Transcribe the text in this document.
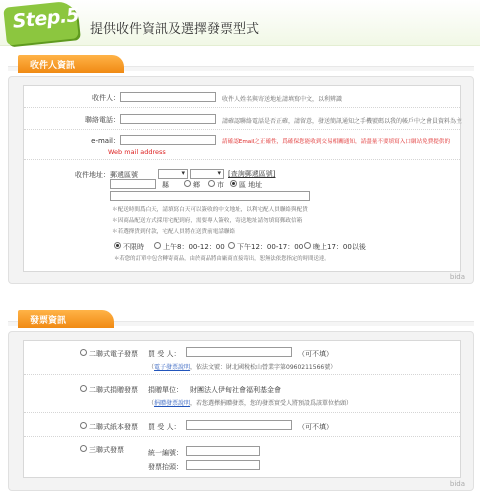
Step.5 提供收件資訊及選擇發票型式
收件人資訊
收件人：	收件人姓名與寄送地址請填寫中文，以利辨識
聯絡電話：	請確認聯絡電話是否正確，請留意，發送簡訊通知之手機號碼以我的帳戶中之會員資料為主
e-mail：	請確認Email之正確性，爲確保您能收到交易相關通知，請盡量不要填寫入口網站免費提供的
Web mail address
收件地址： 郵遞區號 ▾ ▾	[查詢郵遞區號]
縣	鄉 市 區 地址
＊配送時間爲白天，請填寫白天可以簽收的中文地址，以利宅配人員聯絡與配貨
＊因商品配送方式採用宅配到府，需要專人簽收，寄送地址請勿填寫郵政信箱
＊若選擇貨到付款，宅配人員將在送貨前電話聯絡
不限時	上午8：00-12：00 下午12：00-17：00 晚上17：00以後
＊若您的訂單中包含轉寄商品，由於商品將由廠商直接寄出，恕無法依您指定的時間送達。
bida
發票資訊
二聯式電子發票 買 受 人：	（可不填）
（電子發票說明，依法文號：財北國稅松山營業字第0960211566號）
二聯式捐贈發票 捐贈單位： 財團法人伊甸社會福利基金會
（捐贈發票說明，若您選擇捐贈發票，您的發票實受人將預設爲該單位抬頭）
二聯式紙本發票 買 受 人：	（可不填）
三聯式發票	統一編號：
發票抬頭：
bida
